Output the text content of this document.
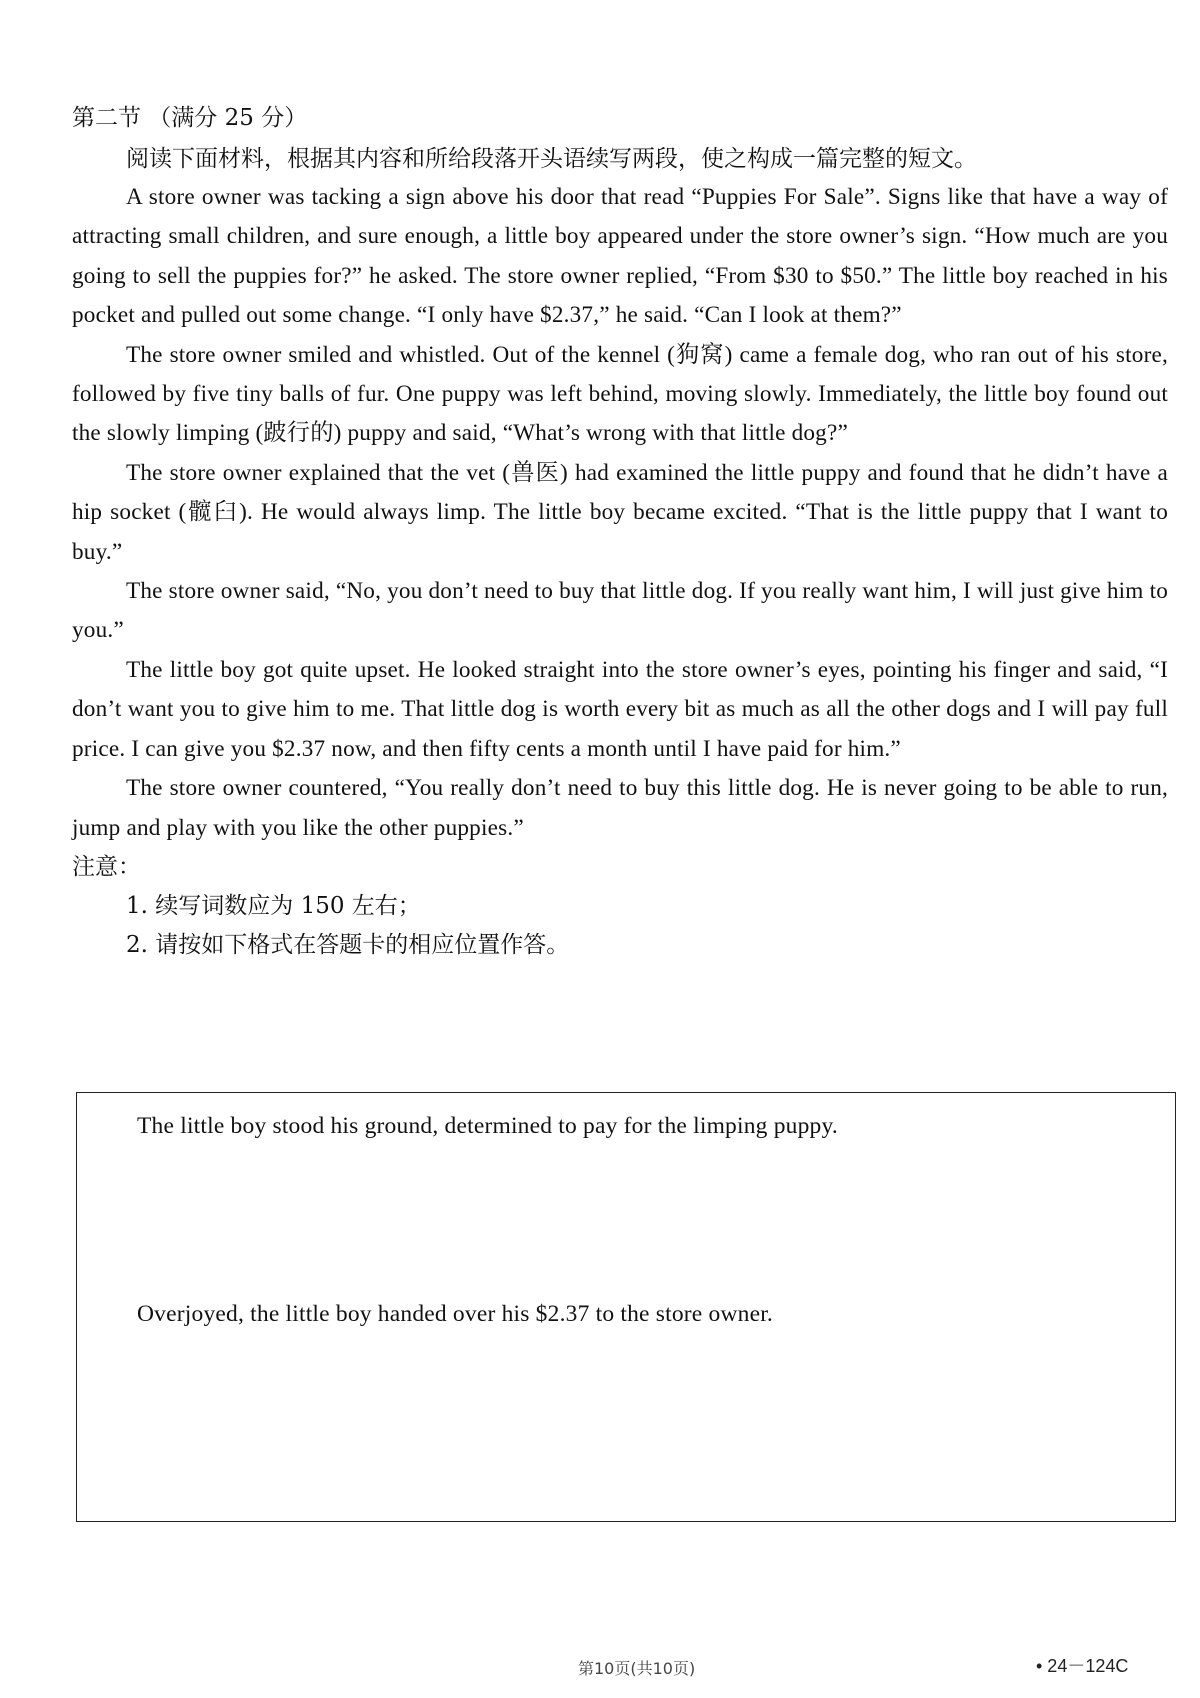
第二节 （满分 25 分）

阅读下面材料，根据其内容和所给段落开头语续写两段，使之构成一篇完整的短文。

A store owner was tacking a sign above his door that read “Puppies For Sale”. Signs like that have a way of attracting small children, and sure enough, a little boy appeared under the store owner’s sign. “How much are you going to sell the puppies for?” he asked. The store owner replied, “From $30 to $50.” The little boy reached in his pocket and pulled out some change. “I only have $2.37,” he said. “Can I look at them?”

The store owner smiled and whistled. Out of the kennel (狗窝) came a female dog, who ran out of his store, followed by five tiny balls of fur. One puppy was left behind, moving slowly. Immediately, the little boy found out the slowly limping (跛行的) puppy and said, “What’s wrong with that little dog?”

The store owner explained that the vet (兽医) had examined the little puppy and found that he didn’t have a hip socket (髋臼). He would always limp. The little boy became excited. “That is the little puppy that I want to buy.”

The store owner said, “No, you don’t need to buy that little dog. If you really want him, I will just give him to you.”

The little boy got quite upset. He looked straight into the store owner’s eyes, pointing his finger and said, “I don’t want you to give him to me. That little dog is worth every bit as much as all the other dogs and I will pay full price. I can give you $2.37 now, and then fifty cents a month until I have paid for him.”

The store owner countered, “You really don’t need to buy this little dog. He is never going to be able to run, jump and play with you like the other puppies.”

注意：

1. 续写词数应为 150 左右；

2. 请按如下格式在答题卡的相应位置作答。

The little boy stood his ground, determined to pay for the limping puppy.

Overjoyed, the little boy handed over his $2.37 to the store owner.

第10页(共10页)	• 24－124C
